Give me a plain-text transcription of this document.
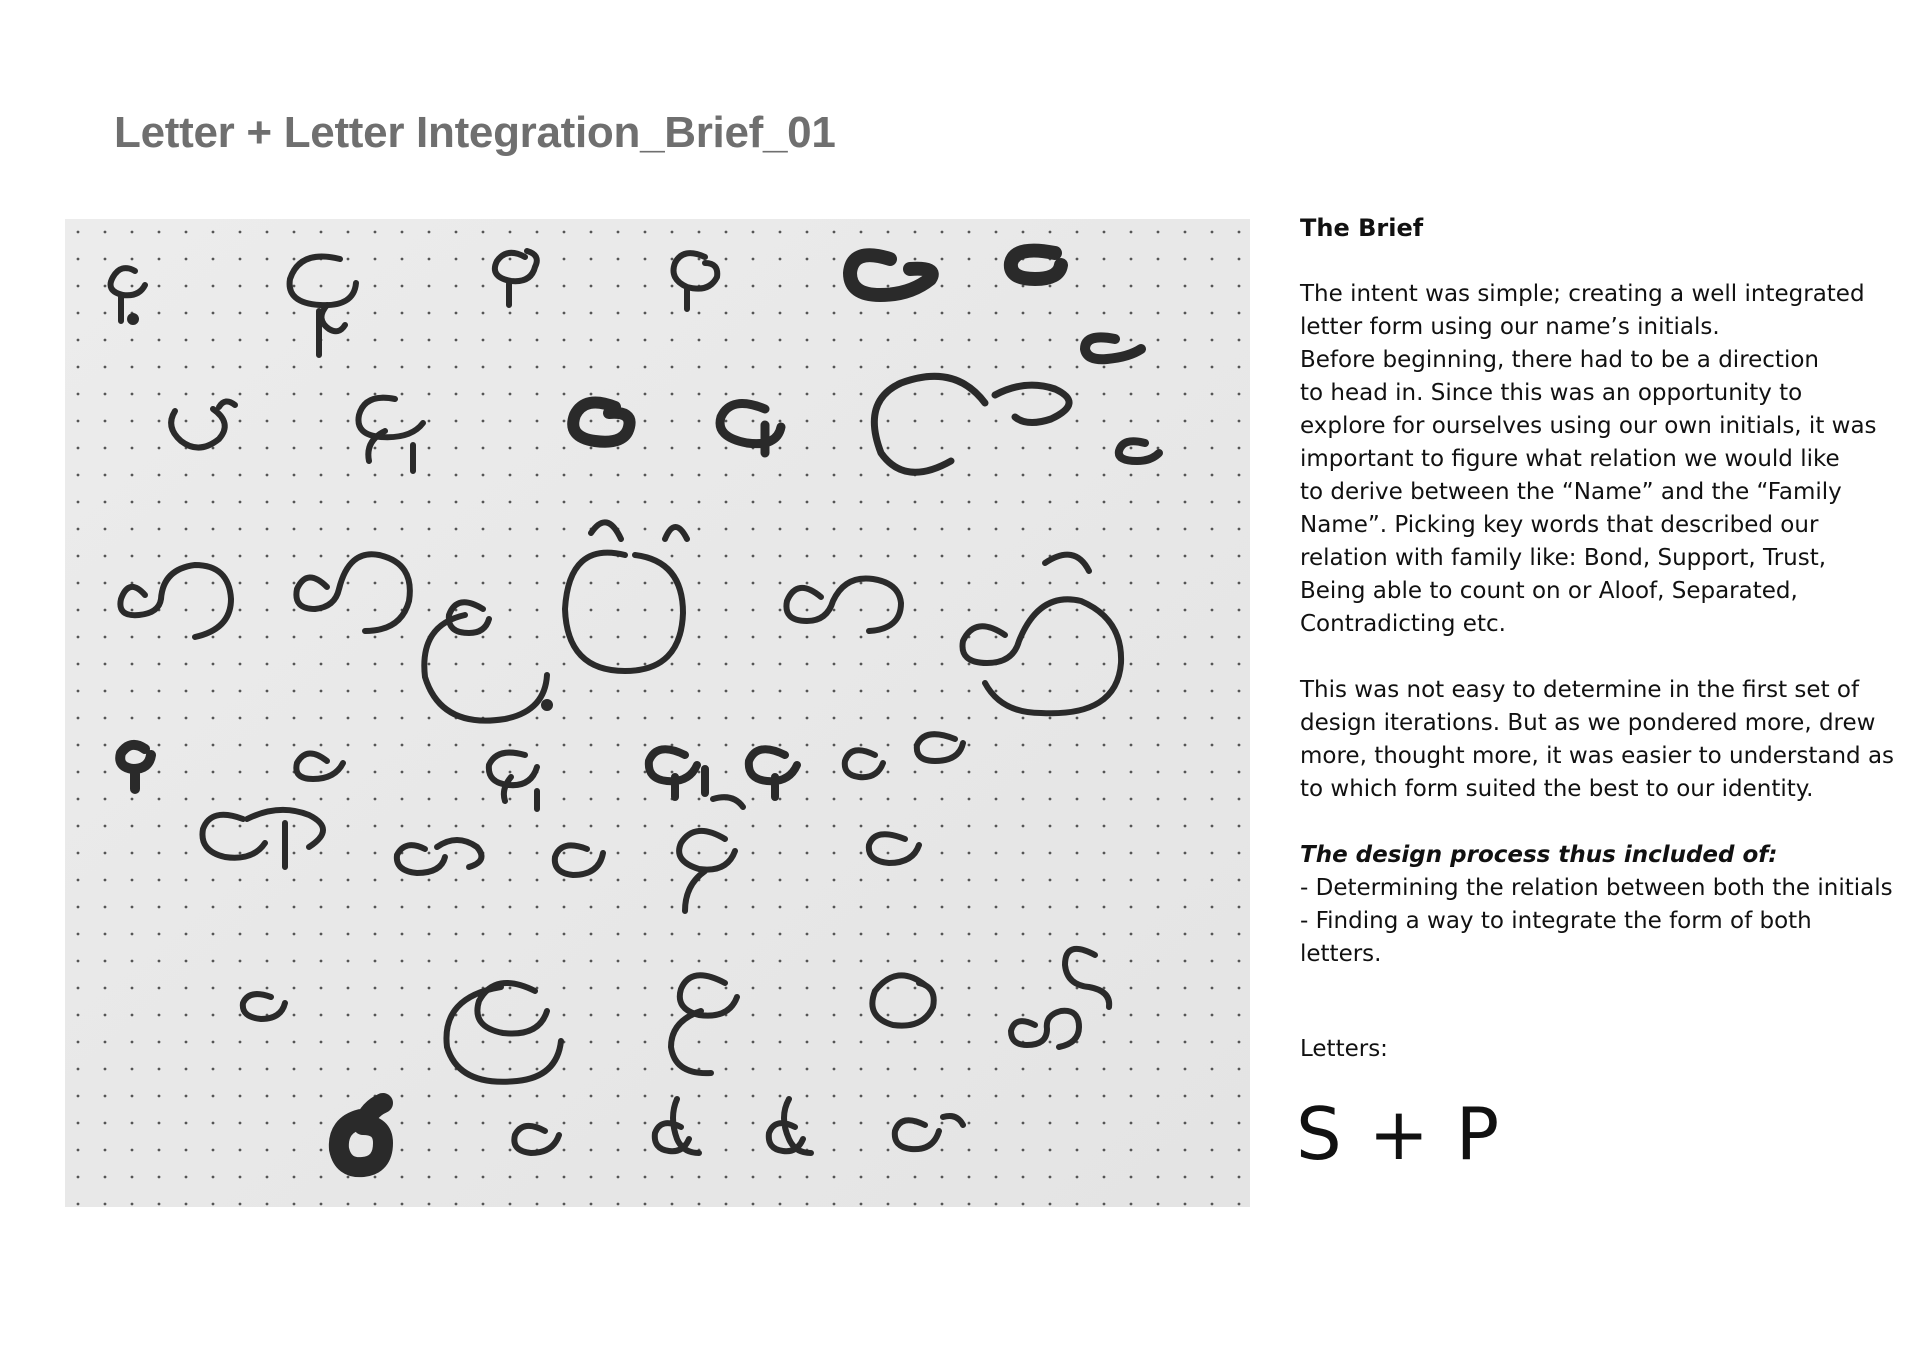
Letter + Letter Integration_Brief_01
The Brief
The intent was simple; creating a well integrated
letter form using our name’s initials.
Before beginning, there had to be a direction
to head in. Since this was an opportunity to
explore for ourselves using our own initials, it was
important to figure what relation we would like
to derive between the “Name” and the “Family
Name”. Picking key words that described our
relation with family like: Bond, Support, Trust,
Being able to count on or Aloof, Separated,
Contradicting etc.
This was not easy to determine in the first set of
design iterations. But as we pondered more, drew
more, thought more, it was easier to understand as
to which form suited the best to our identity.
The design process thus included of:
- Determining the relation between both the initials
- Finding a way to integrate the form of both
letters.
Letters:
S + P
